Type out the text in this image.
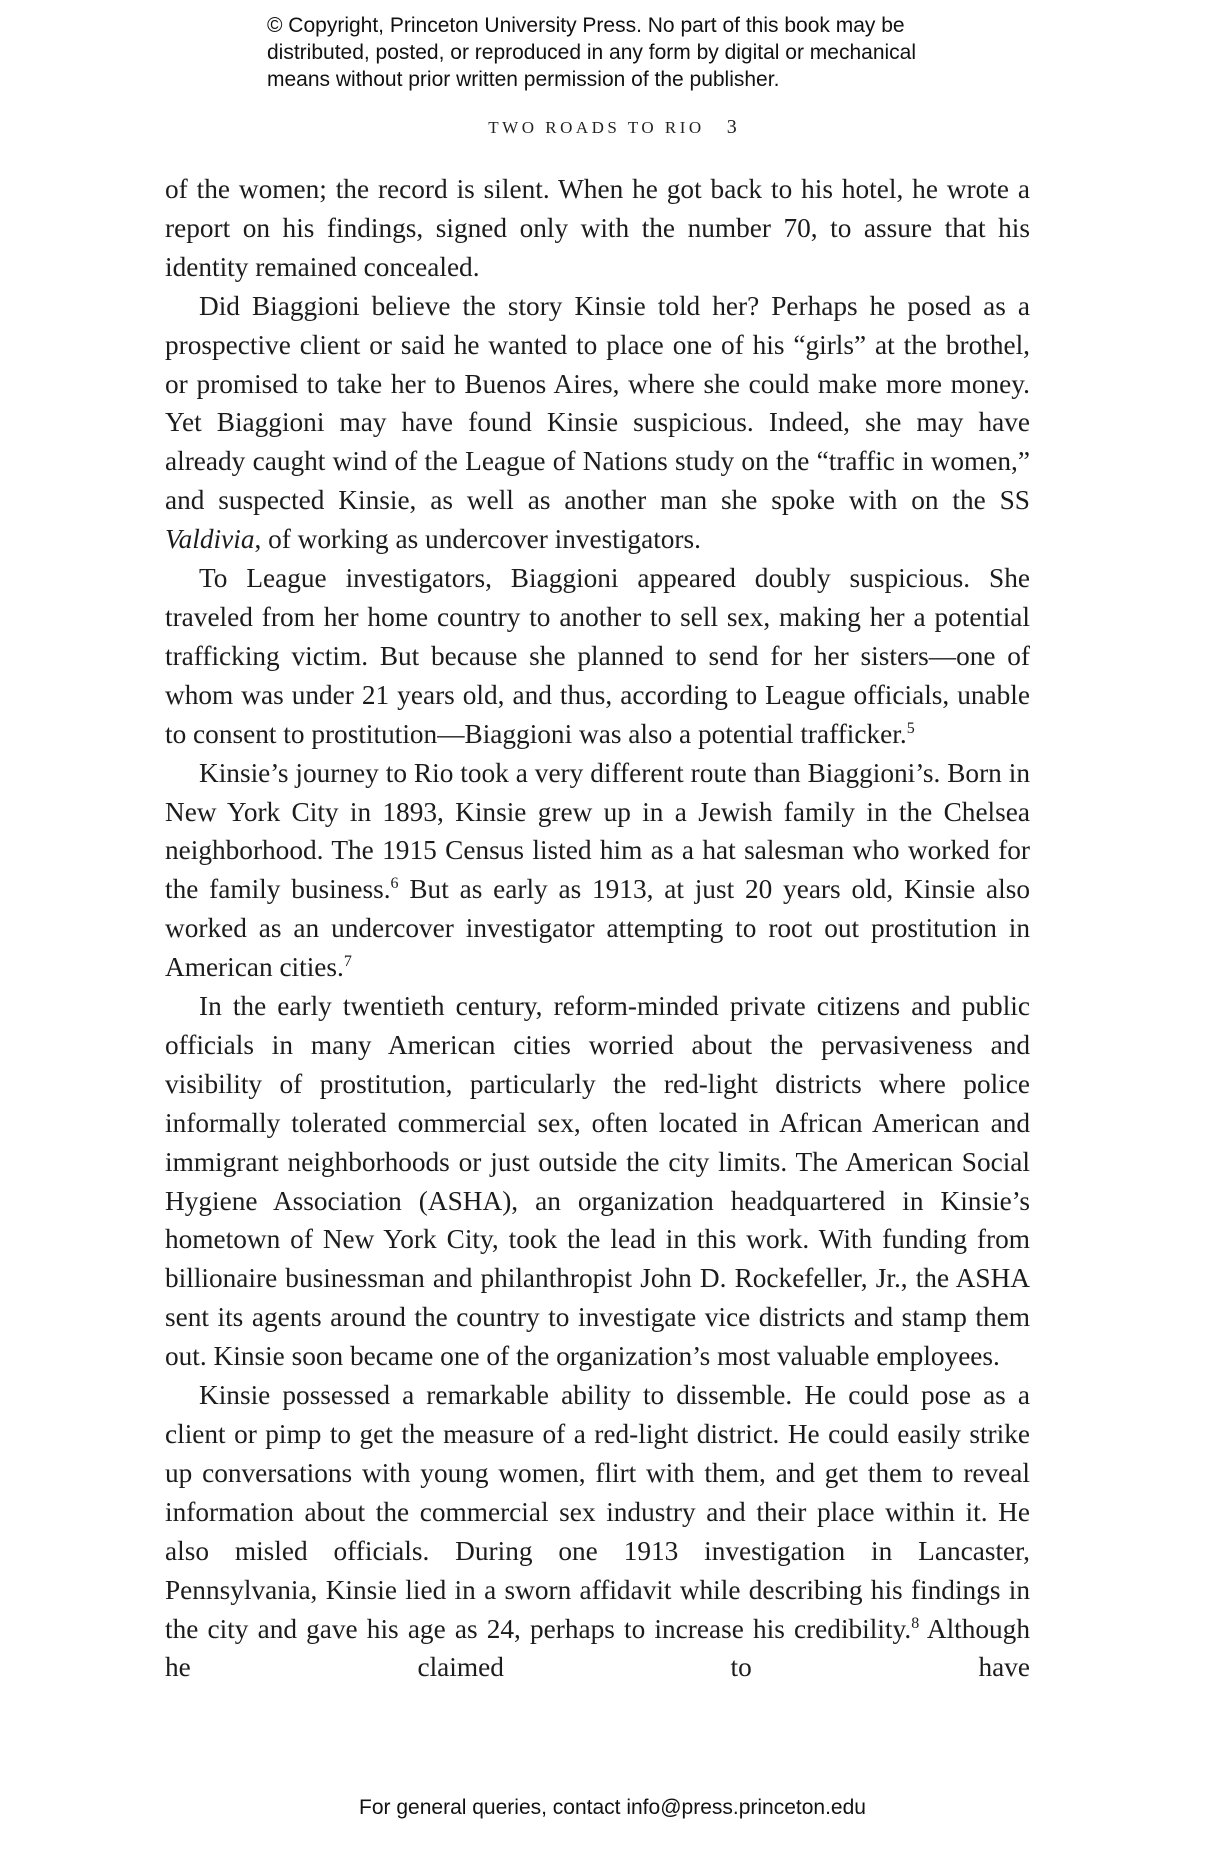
© Copyright, Princeton University Press. No part of this book may be
distributed, posted, or reproduced in any form by digital or mechanical
means without prior written permission of the publisher.
TWO ROADS TO RIO 3

of the women; the record is silent. When he got back to his hotel, he wrote a report on his findings, signed only with the number 70, to assure that his identity remained concealed.

Did Biaggioni believe the story Kinsie told her? Perhaps he posed as a prospective client or said he wanted to place one of his “girls” at the brothel, or promised to take her to Buenos Aires, where she could make more money. Yet Biaggioni may have found Kinsie suspicious. Indeed, she may have already caught wind of the League of Nations study on the “traffic in women,” and suspected Kinsie, as well as another man she spoke with on the SS Valdivia, of working as undercover investigators.

To League investigators, Biaggioni appeared doubly suspicious. She traveled from her home country to another to sell sex, making her a potential trafficking victim. But because she planned to send for her sisters—one of whom was under 21 years old, and thus, according to League officials, unable to consent to prostitution—Biaggioni was also a potential trafficker.$^5$

Kinsie’s journey to Rio took a very different route than Biaggioni’s. Born in New York City in 1893, Kinsie grew up in a Jewish family in the Chelsea neighborhood. The 1915 Census listed him as a hat salesman who worked for the family business.$^6$ But as early as 1913, at just 20 years old, Kinsie also worked as an undercover investigator attempting to root out prostitution in American cities.$^7$

In the early twentieth century, reform-minded private citizens and public officials in many American cities worried about the pervasiveness and visibility of prostitution, particularly the red-light districts where police informally tolerated commercial sex, often located in African American and immigrant neighborhoods or just outside the city limits. The American Social Hygiene Association (ASHA), an organization headquartered in Kinsie’s hometown of New York City, took the lead in this work. With funding from billionaire businessman and philanthropist John D. Rockefeller, Jr., the ASHA sent its agents around the country to investigate vice districts and stamp them out. Kinsie soon became one of the organization’s most valuable employees.

Kinsie possessed a remarkable ability to dissemble. He could pose as a client or pimp to get the measure of a red-light district. He could easily strike up conversations with young women, flirt with them, and get them to reveal information about the commercial sex industry and their place within it. He also misled officials. During one 1913 investigation in Lancaster, Pennsylvania, Kinsie lied in a sworn affidavit while describing his findings in the city and gave his age as 24, perhaps to increase his credibility.$^8$ Although he claimed to have

For general queries, contact info@press.princeton.edu
